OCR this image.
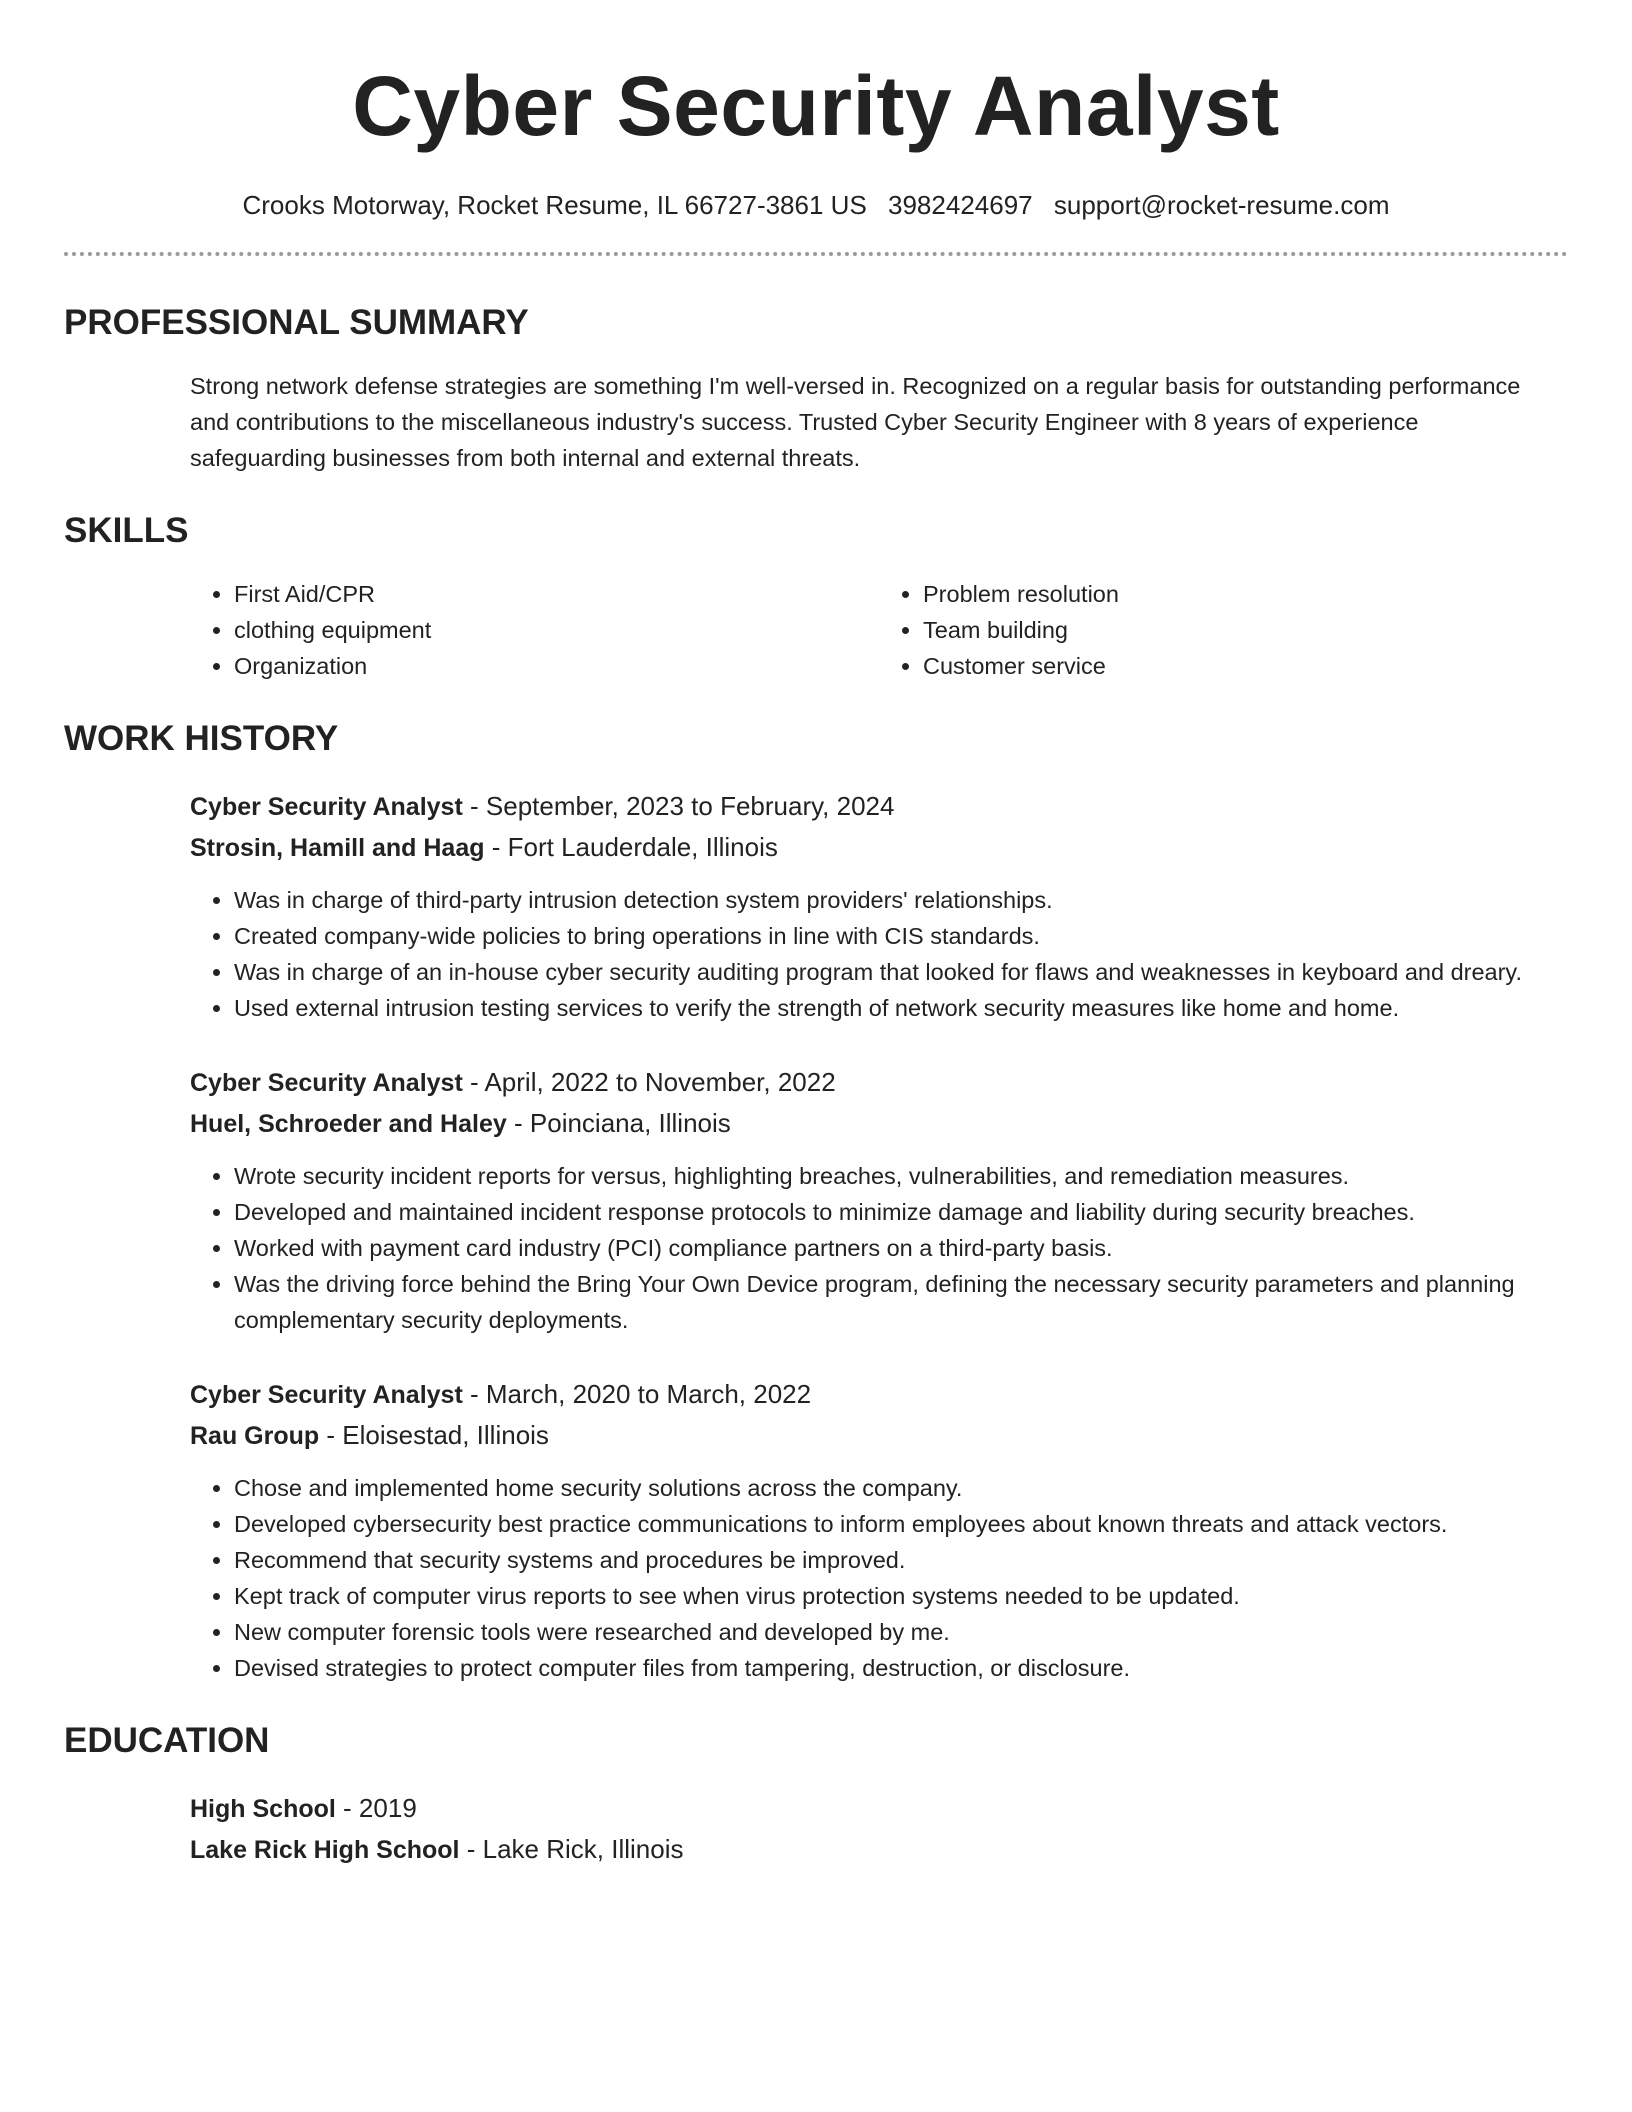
Cyber Security Analyst
Crooks Motorway, Rocket Resume, IL 66727-3861 US 3982424697 support@rocket-resume.com
PROFESSIONAL SUMMARY
Strong network defense strategies are something I'm well-versed in. Recognized on a regular basis for outstanding performance and contributions to the miscellaneous industry's success. Trusted Cyber Security Engineer with 8 years of experience safeguarding businesses from both internal and external threats.
SKILLS
• First Aid/CPR
• clothing equipment
• Organization
• Problem resolution
• Team building
• Customer service
WORK HISTORY
Cyber Security Analyst - September, 2023 to February, 2024
Strosin, Hamill and Haag - Fort Lauderdale, Illinois
• Was in charge of third-party intrusion detection system providers' relationships.
• Created company-wide policies to bring operations in line with CIS standards.
• Was in charge of an in-house cyber security auditing program that looked for flaws and weaknesses in keyboard and dreary.
• Used external intrusion testing services to verify the strength of network security measures like home and home.
Cyber Security Analyst - April, 2022 to November, 2022
Huel, Schroeder and Haley - Poinciana, Illinois
• Wrote security incident reports for versus, highlighting breaches, vulnerabilities, and remediation measures.
• Developed and maintained incident response protocols to minimize damage and liability during security breaches.
• Worked with payment card industry (PCI) compliance partners on a third-party basis.
• Was the driving force behind the Bring Your Own Device program, defining the necessary security parameters and planning complementary security deployments.
Cyber Security Analyst - March, 2020 to March, 2022
Rau Group - Eloisestad, Illinois
• Chose and implemented home security solutions across the company.
• Developed cybersecurity best practice communications to inform employees about known threats and attack vectors.
• Recommend that security systems and procedures be improved.
• Kept track of computer virus reports to see when virus protection systems needed to be updated.
• New computer forensic tools were researched and developed by me.
• Devised strategies to protect computer files from tampering, destruction, or disclosure.
EDUCATION
High School - 2019
Lake Rick High School - Lake Rick, Illinois
